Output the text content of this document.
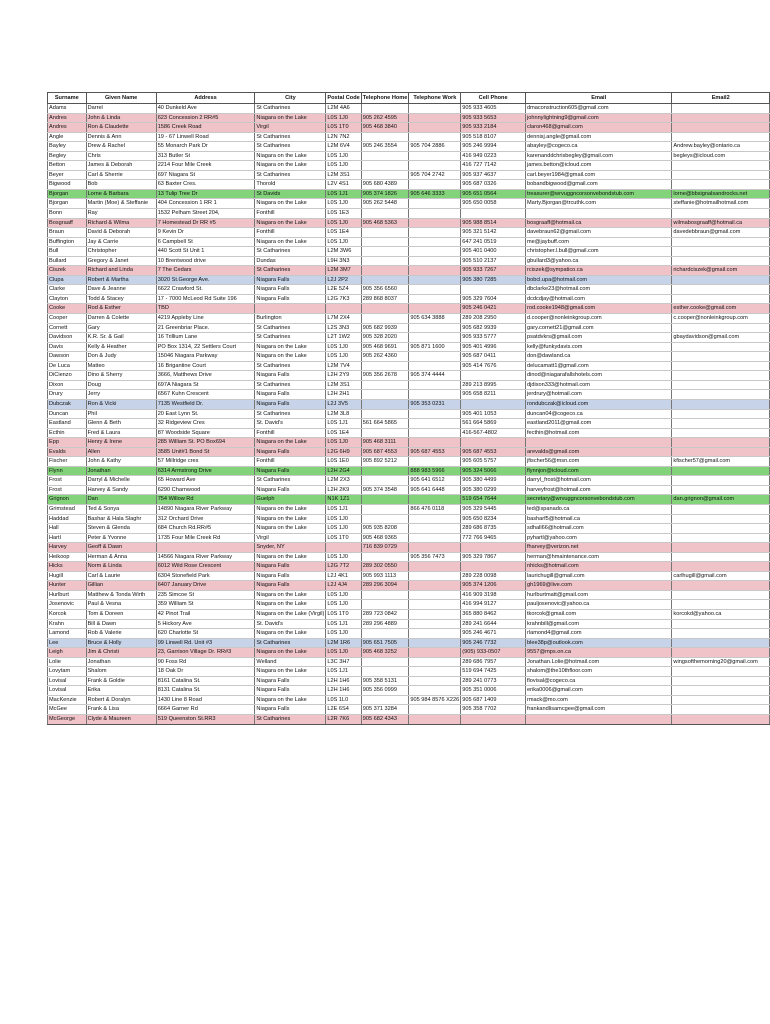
Surname	Given Name	Address	City	Postal Code	Telephone Home	Telephone Work	Cell Phone	Email	Email2
Adams	Darrel	40 Dunkeld Ave	St Catharines	L2M 4A6			905 933 4605	dmaconstruction605@gmail.com	
Andres	John & Linda	623 Concession 2 RR#5	Niagara on the Lake	L0S 1J0	905 262 4595		905 933 5653	johnnylightning9@gmail.com	
Andres	Ron & Claudette	1586 Creek Road	Virgil	L0S 1T0	905 468 3840		905 933 2184	claron468@gmail.com	
Angle	Dennis & Ann	19 - 67 Linwell Road	St Catharines	L2N 7N2			905 518 8107	dennisj.angle@gmail.com	
Bayley	Drew & Rachel	55 Monarch Park Dr	St Catharines	L2M 6V4	905 246 3554	905 704 2886	905 246 9994	abayley@cogeco.ca	Andrew.bayley@ontario.ca
Begley	Chris	313 Butler St	Niagara on the Lake	L0S 1J0			416 949 0223	karenanddchrisbegley@gmail.com	begleys@icloud.com
Betton	James & Deborah	2214 Four Mile Creek	Niagara on the Lake	L0S 1J0			416 727 7142	james.betton@icloud.com	
Beyer	Carl & Sherrie	697 Niagara St	St Catharines	L2M 3S1		905 704 2742	905 937 4637	carl.beyer1984@gmail.com	
Bigwood	Bob	63 Baxter Cres.	Thorold	L2V 4S1	905 680 4389		905 687 0326	bobandbigwood@gmail.com	
Bjorgan	Lorne & Barbara	13 Tulip Tree Dr	St Davids	L0S 1J1	905 374 1826	905 646 3333	905 651 0564	treasurer@wrvuggncorsonvebondstub.com	lorne@bbsignalsandrocks.net
Bjorgan	Martin (Moe) & Steffanie	404 Concession 1 RR 1	Niagara on the Lake	L0S 1J0	905 262 5448		905 650 0058	Marty.Bjorgan@trcuthk.com	steffanie@hotmailhotmail.com
Bonn	Ray	1532 Pelham Street 204,	Fonthill	L0S 1E3					
Bosgraaff	Richard & Wilma	7 Homestead Dr RR #5	Niagara on the Lake	L0S 1J0	905 468 5363		905 988 8514	bosgraaff@hotmail.ca	wilmabosgraaff@hotmail.ca
Braun	David & Deborah	9 Kevin Dr	Fonthill	L0S 1E4			905 321 5142	davebraun62@gmail.com	davedebbraun@gmail.com
Buffington	Jay & Carrie	6 Campbell St	Niagara on the Lake	L0S 1J0			647 241 0519	me@jaybuff.com	
Bull	Christopher	440 Scott St Unit 1	St Catharines	L2M 3W6			905 401 0400	christopher.l.bull@gmail.com	
Bullard	Gregory & Janet	10 Brentwood drive	Dundas	L9H 3N3			905 510 2137	gbullard3@yahoo.ca	
Ciszek	Richard and Linda	7 The Cedars	St Catharines	L2M 3M7			905 933 7267	rciszek@sympatico.ca	richardciszek@gmail.com
Clupa	Robert & Martha	3020 St.George Ave.	Niagara Falls	L2J 2P2			905 380 7285	bobcl.upa@hotmail.com	
Clarke	Dave & Jeanne	6622 Crawford St.	Niagara Falls	L2E 5Z4	905 356 6560			dbclarke23@hotmail.com	
Clayton	Todd & Stacey	17 - 7000 McLeod Rd Suite 196	Niagara Falls	L2G 7K3	289 868 8037		905 329 7604	dcdcdjay@hotmail.com	
Cooke	Rod & Esther	TBD					905 246 0421	rod.cooke1948@gmail.com	esther.cooke@gmail.com
Cooper	Darren & Colette	4219 Appleby Line	Burlington	L7M 2X4		905 634 3888	289 208 2950	d.cooper@nonleinkgroup.com	c.cooper@nonleinkgroup.com
Cornett	Gary	21 Greenbriar Place.	St Catharines	L2S 3N3	905 682 9939		905 682 9939	gary.cornett21@gmail.com	
Davidson	K.R. Sr. & Gail	16 Trillium Lane	St Catharines	L2T 1W2	905 328 2020		905 933 5777	psatdvkrs@gmail.com	gbaydavidson@gmail.com
Davis	Kelly & Heather	PO Box 1314, 22 Settlers Court	Niagara on the Lake	L0S 1J0	905 468 9691	905 871 1600	905 401 4996	kelly@funkydavis.com	
Dawson	Don & Judy	15046 Niagara Parkway	Niagara on the Lake	L0S 1J0	905 262 4360		905 687 0411	don@dawland.ca	
De Luca	Matteo	16 Brigantine Court	St Catharines	L2M 7V4			905 414 7676	delucamatt1@gmail.com	
DiCienzo	Dino & Sherry	3666, Matthews Drive	Niagara Falls	L2H 2Y9	905 356 2678	905 374 4444		dinod@niagarafallshotels.com	
Dixon	Doug	697A Niagara St	St Catharines	L2M 3S1			289 213 8995	djdixon333@hotmail.com	
Drury	Jerry	6567 Kuhn Crescent	Niagara Falls	L2H 2H1			905 658 8211	jerdrury@hotmail.com	
Dubczak	Ron & Vicki	7135 Westfield Dr.	Niagara Falls	L2J 3V5		905 353 0231		rondubczak@icloud.com	
Duncan	Phil	20 East Lynn St.	St Catharines	L2M 3L8			905 401 1053	duncan04@cogeco.ca	
Eastland	Glenn & Beth	32 Ridgeview Cres	St. David's	L0S 1J1	561 664 5865		561 664 5869	eastland2011@gmail.com	
Ecthin	Fred & Laura	87 Woodside Square	Fonthill	L0S 1E4			416-567-4802	fecthin@hotmail.com	
Epp	Henry & Irene	285 William St. PO Box694	Niagara on the Lake	L0S 1J0	905 468 3111				
Evalds	Allen	3585 Unit#1 Bond St	Niagara Falls	L2G 6H9	905 687 4553	905 687 4553	905 687 4553	arevalds@gmail.com	
Fischer	John & Kathy	57 Millridge cres	Fonthill	L0S 1E0	905 892 5212		905 605 5757	jfischer56@msn.com	kfischer57@gmail.com
Flynn	Jonathan	6314 Armstrong Drive	Niagara Falls	L2H 2G4		888 983 5966	905 324 5066	flynnjon@icloud.com	
Frost	Darryl & Michelle	65 Howard Ave	St Catharines	L2M 2X3		905 641 6512	905 380 4499	darryl_frost@hotmail.com	
Frost	Harvey & Sandy	6290 Charnwood	Niagara Falls	L2H 2K9	905 374 3548	905 641 6448	905 380 0299	harveyfrost@hotmail.com	
Grignon	Dan	754 Willow Rd	Guelph	N1K 1Z1			519 654 7644	secretary@wrvuggncorsonvebondstub.com	dan.grignon@gmail.com
Grimstead	Ted & Sonya	14890 Niagara River Parkway	Niagara on the Lake	L0S 1J1		866 476 0118	905 329 5445	ted@spanado.ca	
Haddad	Bashar & Hala Slaghr	312 Orchard Drive	Niagara on the Lake	L0S 1J0			905 650 8234	basharf5@hotmail.ca	
Hall	Steven & Glenda	684 Church Rd.RR#5	Niagara on the Lake	L0S 1J0	905 935 8208		289 686 8735	sdhall66@hotmail.com	
Hartl	Peter & Yvonne	1735 Four Mile Creek Rd	Virgil	L0S 1T0	905 468 9365		772 766 9465	pyhartl@yahoo.com	
Harvey	Geoff & Dawn		Snyder, NY		716 839 0729			fharvey@verizon.net	
Heikoop	Herman & Anna	14566 Niagara River Parkway	Niagara on the Lake	L0S 1J0		905 356 7473	905 329 7867	herman@hmaintenance.com	
Hicks	Norm & Linda	6012 Wild Rose Crescent	Niagara Falls	L2G 7T2	289 302 0550			nhicks@hotmail.com	
Hugill	Carl & Laurie	6304 Stonefield Park	Niagara Falls	L2J 4K1	905 993 1113		289 228 0098	laurichugill@gmail.com	carlhugill@gmail.com
Hunter	Gillian	6407 January Drive	Niagara Falls	L2J 4J4	289 296 3094		905 374 1206	gh1969@live.com	
Hurlburt	Matthew & Tonda Wirth	235 Simcoe St	Niagara on the Lake	L0S 1J0			416 909 3198	hurlburtmatt@gmail.com	
Josenovic	Paul & Vesna	359 William St	Niagara on the Lake	L0S 1J0			416 994 9127	pauljosenovic@yahoo.ca	
Korcok	Tom & Doreen	42 Pinot Trail	Niagara on the Lake (Virgil)	L0S 1T0	289 723 0842		365 880 8462	tkorcok@gmail.com	korcokd@yahoo.ca
Krahn	Bill & Dawn	5 Hickory Ave	St. David's	L0S 1J1	289 296 4889		289 241 6644	krahnbill@gmail.com	
Lamond	Rob & Valerie	620 Charlotte St	Niagara on the Lake	L0S 1J0			905 246 4671	rlamond4@gmail.com	
Lee	Bruce & Holly	99 Linwell Rd. Unit #3	St Catharines	L2M 1R6	905 651 7505		905 246 7732	blee38p@outlook.com	
Leigh	Jim & Christi	23, Garrison Village Dr. RR#3	Niagara on the Lake	L0S 1J0	905 468 3252		(905) 933-0507	9557@mps.on.ca	
Lolie	Jonathan	90 Foss Rd	Welland	L3C 3H7			289 686 7957	Jonathan.Lolie@hotmail.com	wingsofthemorning20@gmail.com
Lovytam	Shalom	18 Oak Dr	Niagara on the Lake	L0S 1J1			519 694 7425	shalom@the10thfloor.com	
Lovisal	Frank & Goldie	8161 Catalina St.	Niagara Falls	L2H 1H6	905 358 5131		289 241 0773	flovisal@cogeco.ca	
Lovisal	Erika	8131 Catalina St.	Niagara Falls	L2H 1H6	905 356 0999		905 351 0006	erika0006@gmail.com	
MacKenzie	Robert & Doralyn	1430 Line 8 Road	Niagara on the Lake	L0S 1L0		905 984 8576 X226	905 687 1409	rmack@mo.com	
McGee	Frank & Lisa	6664 Garner Rd	Niagara Falls	L2E 6S4	905 371 3284		905 358 7702	frankandlisamcgee@gmail.com	
McGeorge	Clyde & Maureen	519 Queenston St.RR3	St Catharines	L2R 7K6	905 682 4343				
